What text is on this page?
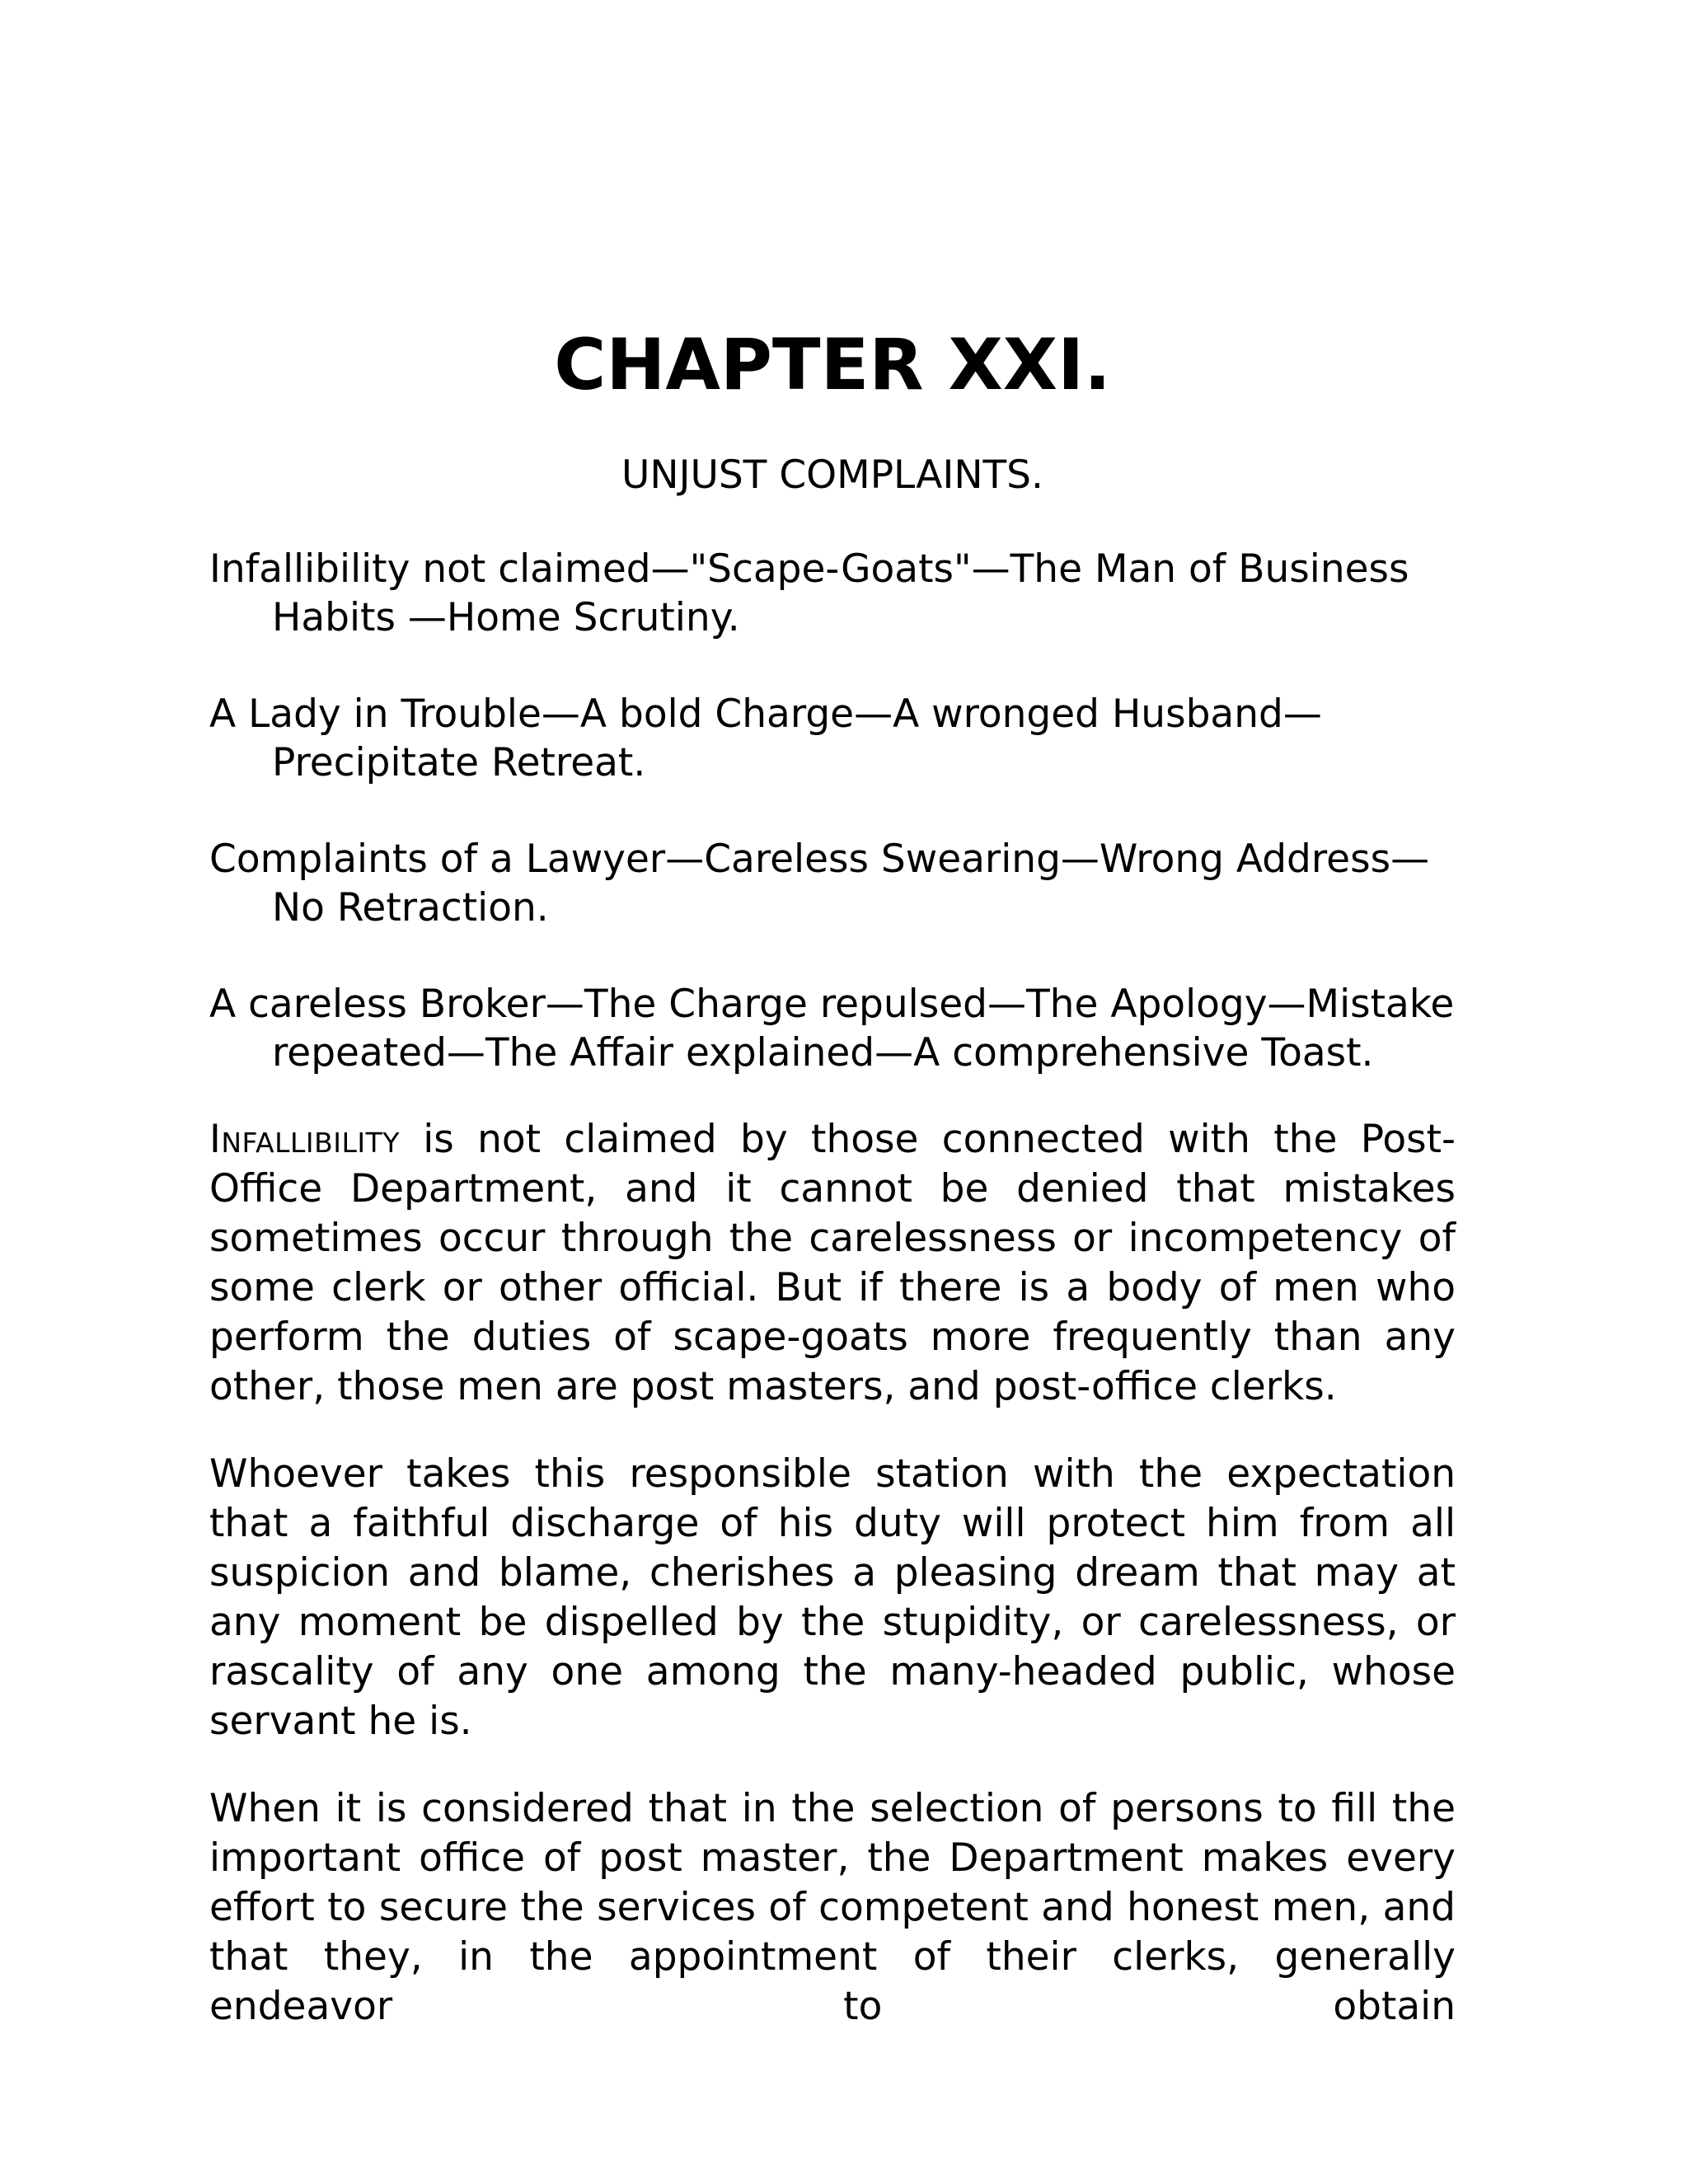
CHAPTER XXI.
UNJUST COMPLAINTS.
Infallibility not claimed—"Scape-Goats"—The Man of Business Habits —Home Scrutiny.
A Lady in Trouble—A bold Charge—A wronged Husband—Precipitate Retreat.
Complaints of a Lawyer—Careless Swearing—Wrong Address—No Retraction.
A careless Broker—The Charge repulsed—The Apology—Mistake repeated—The Affair explained—A comprehensive Toast.

Infallibility is not claimed by those connected with the Post-Office Department, and it cannot be denied that mistakes sometimes occur through the carelessness or incompetency of some clerk or other official. But if there is a body of men who perform the duties of scape-goats more frequently than any other, those men are post masters, and post-office clerks.

Whoever takes this responsible station with the expectation that a faithful discharge of his duty will protect him from all suspicion and blame, cherishes a pleasing dream that may at any moment be dispelled by the stupidity, or carelessness, or rascality of any one among the many-headed public, whose servant he is.

When it is considered that in the selection of persons to fill the important office of post master, the Department makes every effort to secure the services of competent and honest men, and that they, in the appointment of their clerks, generally endeavor to obtain
